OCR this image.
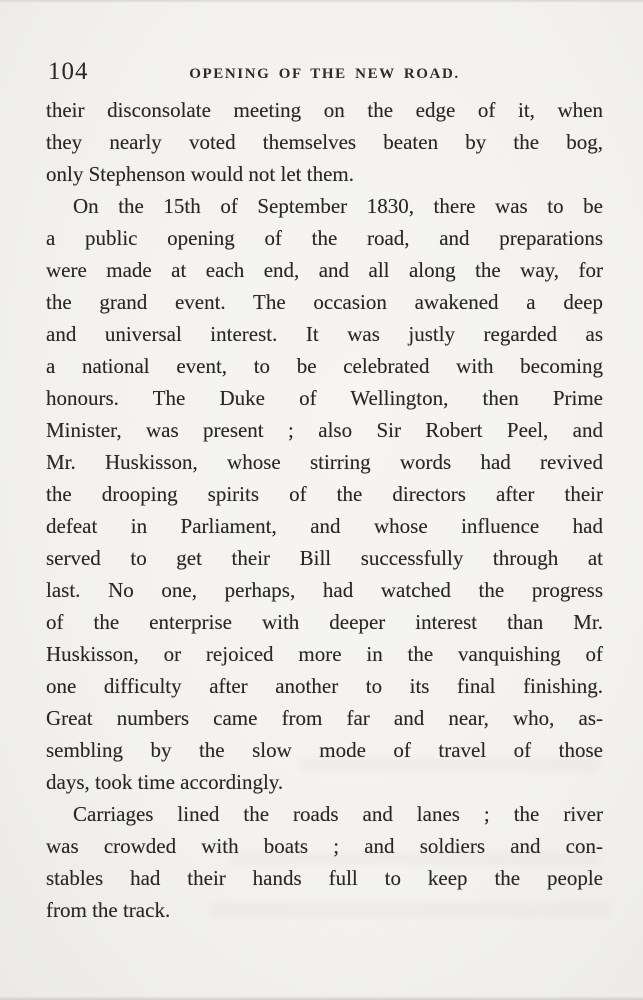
104	OPENING OF THE NEW ROAD.
their disconsolate meeting on the edge of it, when
they nearly voted themselves beaten by the bog,
only Stephenson would not let them.
On the 15th of September 1830, there was to be
a public opening of the road, and preparations
were made at each end, and all along the way, for
the grand event. The occasion awakened a deep
and universal interest. It was justly regarded as
a national event, to be celebrated with becoming
honours. The Duke of Wellington, then Prime
Minister, was present ; also Sir Robert Peel, and
Mr. Huskisson, whose stirring words had revived
the drooping spirits of the directors after their
defeat in Parliament, and whose influence had
served to get their Bill successfully through at
last. No one, perhaps, had watched the progress
of the enterprise with deeper interest than Mr.
Huskisson, or rejoiced more in the vanquishing of
one difficulty after another to its final finishing.
Great numbers came from far and near, who, as-
sembling by the slow mode of travel of those
days, took time accordingly.
Carriages lined the roads and lanes ; the river
was crowded with boats ; and soldiers and con-
stables had their hands full to keep the people
from the track.
